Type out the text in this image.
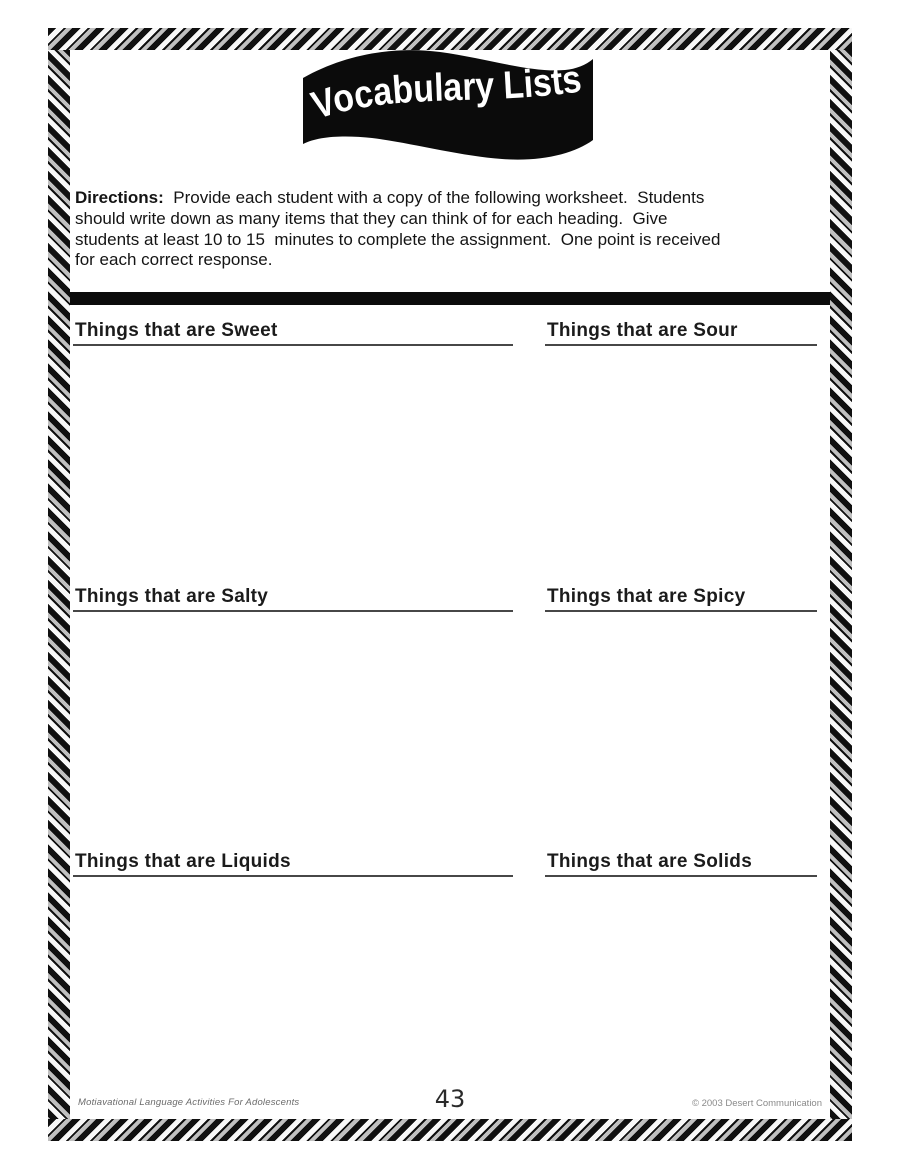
Vocabulary Lists

Directions:  Provide each student with a copy of the following worksheet.  Students
should write down as many items that they can think of for each heading.  Give
students at least 10 to 15  minutes to complete the assignment.  One point is received
for each correct response.

Things that are Sweet	Things that are Sour
Things that are Salty	Things that are Spicy
Things that are Liquids	Things that are Solids
Motiavational Language Activities For Adolescents	43	© 2003 Desert Communication
